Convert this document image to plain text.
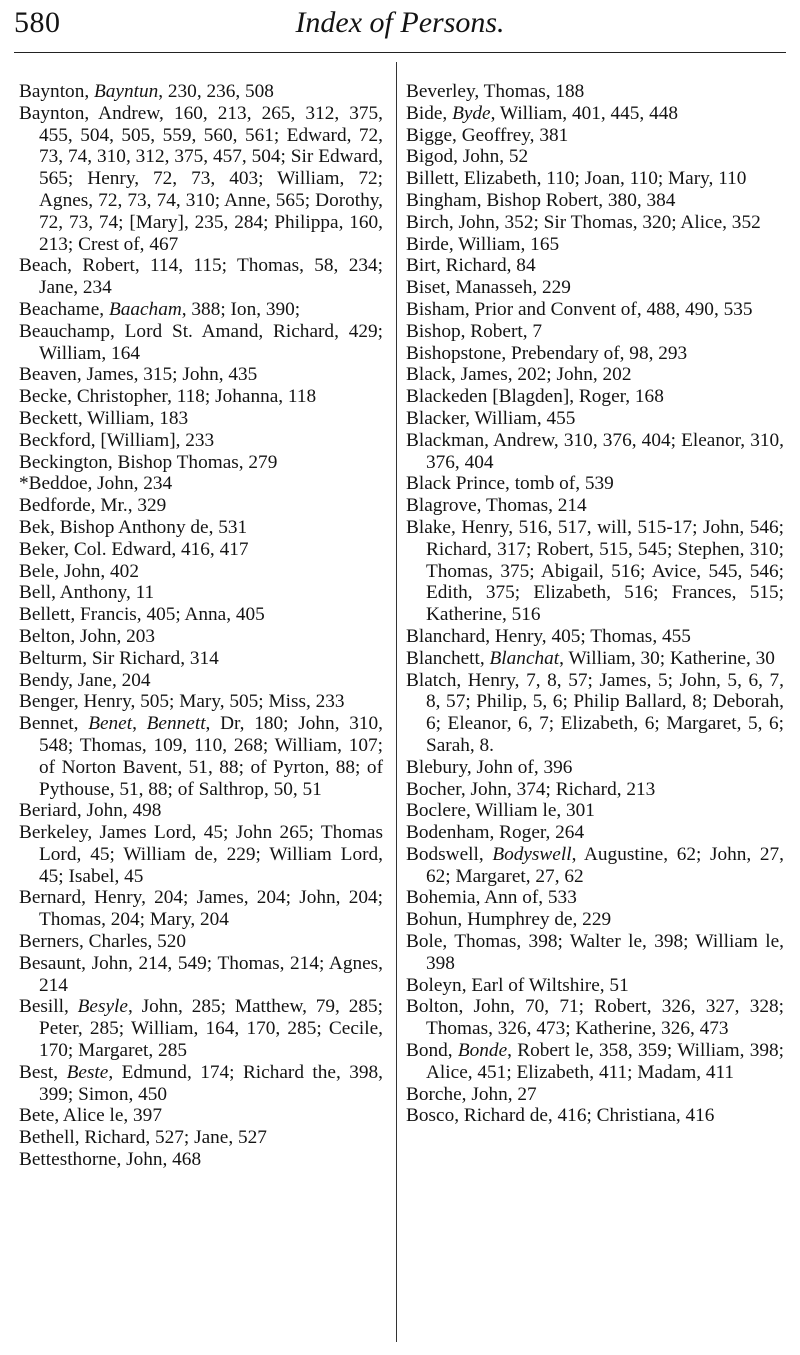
580	Index of Persons.

Baynton, Bayntun, 230, 236, 508

Baynton, Andrew, 160, 213, 265, 312, 375, 455, 504, 505, 559, 560, 561; Edward, 72, 73, 74, 310, 312, 375, 457, 504; Sir Edward, 565; Henry, 72, 73, 403; William, 72; Agnes, 72, 73, 74, 310; Anne, 565; Dorothy, 72, 73, 74; [Mary], 235, 284; Philippa, 160, 213; Crest of, 467

Beach, Robert, 114, 115; Thomas, 58, 234; Jane, 234

Beachame, Baacham, 388; Ion, 390;

Beauchamp, Lord St. Amand, Richard, 429; William, 164

Beaven, James, 315; John, 435

Becke, Christopher, 118; Johanna, 118

Beckett, William, 183

Beckford, [William], 233

Beckington, Bishop Thomas, 279

*Beddoe, John, 234

Bedforde, Mr., 329

Bek, Bishop Anthony de, 531

Beker, Col. Edward, 416, 417

Bele, John, 402

Bell, Anthony, 11

Bellett, Francis, 405; Anna, 405

Belton, John, 203

Belturm, Sir Richard, 314

Bendy, Jane, 204

Benger, Henry, 505; Mary, 505; Miss, 233

Bennet, Benet, Bennett, Dr, 180; John, 310, 548; Thomas, 109, 110, 268; William, 107; of Norton Bavent, 51, 88; of Pyrton, 88; of Pythouse, 51, 88; of Salthrop, 50, 51

Beriard, John, 498

Berkeley, James Lord, 45; John 265; Thomas Lord, 45; William de, 229; William Lord, 45; Isabel, 45

Bernard, Henry, 204; James, 204; John, 204; Thomas, 204; Mary, 204

Berners, Charles, 520

Besaunt, John, 214, 549; Thomas, 214; Agnes, 214

Besill, Besyle, John, 285; Matthew, 79, 285; Peter, 285; William, 164, 170, 285; Cecile, 170; Margaret, 285

Best, Beste, Edmund, 174; Richard the, 398, 399; Simon, 450

Bete, Alice le, 397

Bethell, Richard, 527; Jane, 527

Bettesthorne, John, 468

Beverley, Thomas, 188

Bide, Byde, William, 401, 445, 448

Bigge, Geoffrey, 381

Bigod, John, 52

Billett, Elizabeth, 110; Joan, 110; Mary, 110

Bingham, Bishop Robert, 380, 384

Birch, John, 352; Sir Thomas, 320; Alice, 352

Birde, William, 165

Birt, Richard, 84

Biset, Manasseh, 229

Bisham, Prior and Convent of, 488, 490, 535

Bishop, Robert, 7

Bishopstone, Prebendary of, 98, 293

Black, James, 202; John, 202

Blackeden [Blagden], Roger, 168

Blacker, William, 455

Blackman, Andrew, 310, 376, 404; Eleanor, 310, 376, 404

Black Prince, tomb of, 539

Blagrove, Thomas, 214

Blake, Henry, 516, 517, will, 515-17; John, 546; Richard, 317; Robert, 515, 545; Stephen, 310; Thomas, 375; Abigail, 516; Avice, 545, 546; Edith, 375; Elizabeth, 516; Frances, 515; Katherine, 516

Blanchard, Henry, 405; Thomas, 455

Blanchett, Blanchat, William, 30; Katherine, 30

Blatch, Henry, 7, 8, 57; James, 5; John, 5, 6, 7, 8, 57; Philip, 5, 6; Philip Ballard, 8; Deborah, 6; Eleanor, 6, 7; Elizabeth, 6; Margaret, 5, 6; Sarah, 8.

Blebury, John of, 396

Bocher, John, 374; Richard, 213

Boclere, William le, 301

Bodenham, Roger, 264

Bodswell, Bodyswell, Augustine, 62; John, 27, 62; Margaret, 27, 62

Bohemia, Ann of, 533

Bohun, Humphrey de, 229

Bole, Thomas, 398; Walter le, 398; William le, 398

Boleyn, Earl of Wiltshire, 51

Bolton, John, 70, 71; Robert, 326, 327, 328; Thomas, 326, 473; Katherine, 326, 473

Bond, Bonde, Robert le, 358, 359; William, 398; Alice, 451; Elizabeth, 411; Madam, 411

Borche, John, 27

Bosco, Richard de, 416; Christiana, 416
